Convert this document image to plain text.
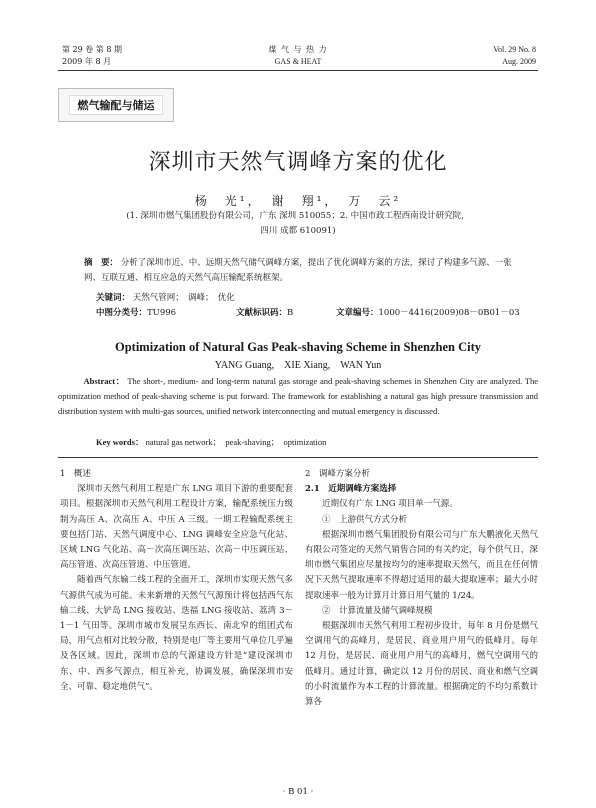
第 29 卷 第 8 期
2009 年 8 月
煤 气 与 热 力
GAS & HEAT
Vol. 29 No. 8
Aug. 2009
燃气输配与储运
深圳市天然气调峰方案的优化
杨　光¹，　谢　翔¹，　万　云²
(1. 深圳市燃气集团股份有限公司，广东 深圳 510055；2. 中国市政工程西南设计研究院，
四川 成都 610091)
摘　要： 分析了深圳市近、中、远期天然气储气调峰方案，提出了优化调峰方案的方法，探讨了构建多气源、一张网、互联互通、相互应急的天然气高压输配系统框架。
关键词： 天然气管网；　调峰；　优化
中图分类号：TU996	文献标识码：B	文章编号：1000－4416(2009)08－0B01－03
Optimization of Natural Gas Peak-shaving Scheme in Shenzhen City
YANG Guang,　XIE Xiang,　WAN Yun
Abstract： The short-, medium- and long-term natural gas storage and peak-shaving schemes in Shenzhen City are analyzed. The optimization method of peak-shaving scheme is put forward. The framework for establishing a natural gas high pressure transmission and distribution system with multi-gas sources, unified network interconnecting and mutual emergency is discussed.
Key words： natural gas network；　peak-shaving；　optimization

1　概述

深圳市天然气利用工程是广东 LNG 项目下游的重要配套项目。根据深圳市天然气利用工程设计方案，输配系统压力级制为高压 A、次高压 A、中压 A 三级。一期工程输配系统主要包括门站、天然气调度中心、LNG 调峰安全应急气化站、区域 LNG 气化站、高－次高压调压站、次高－中压调压站、高压管道、次高压管道、中压管道。

随着西气东输二线工程的全面开工，深圳市实现天然气多气源供气成为可能。未来新增的天然气气源预计将包括西气东输二线、大铲岛 LNG 接收站、迭福 LNG 接收站、荔湾 3－1－1 气田等。深圳市城市发展呈东西长、南北窄的组团式布局，用气点相对比较分散，特别是电厂等主要用气单位几乎遍及各区域。因此，深圳市总的气源建设方针是“建设深圳市东、中、西多气源点，相互补充，协调发展，确保深圳市安全、可靠、稳定地供气”。

2　调峰方案分析

2.1　近期调峰方案选择

近期仅有广东 LNG 项目单一气源。

①　上游供气方式分析

根据深圳市燃气集团股份有限公司与广东大鹏液化天然气有限公司签定的天然气销售合同的有关约定，每个供气日，深圳市燃气集团应尽量按均匀的速率提取天然气，而且在任何情况下天然气提取速率不得超过适用的最大提取速率；最大小时提取速率一般为计算月计算日用气量的 1/24。

②　计算流量及储气调峰规模

根据深圳市天然气利用工程初步设计，每年 8 月份是燃气空调用气的高峰月，是居民、商业用户用气的低峰月。每年 12 月份，是居民、商业用户用气的高峰月，燃气空调用气的低峰月。通过计算，确定以 12 月份的居民、商业和燃气空调的小时流量作为本工程的计算流量。根据确定的不均匀系数计算各

· B 01 ·
